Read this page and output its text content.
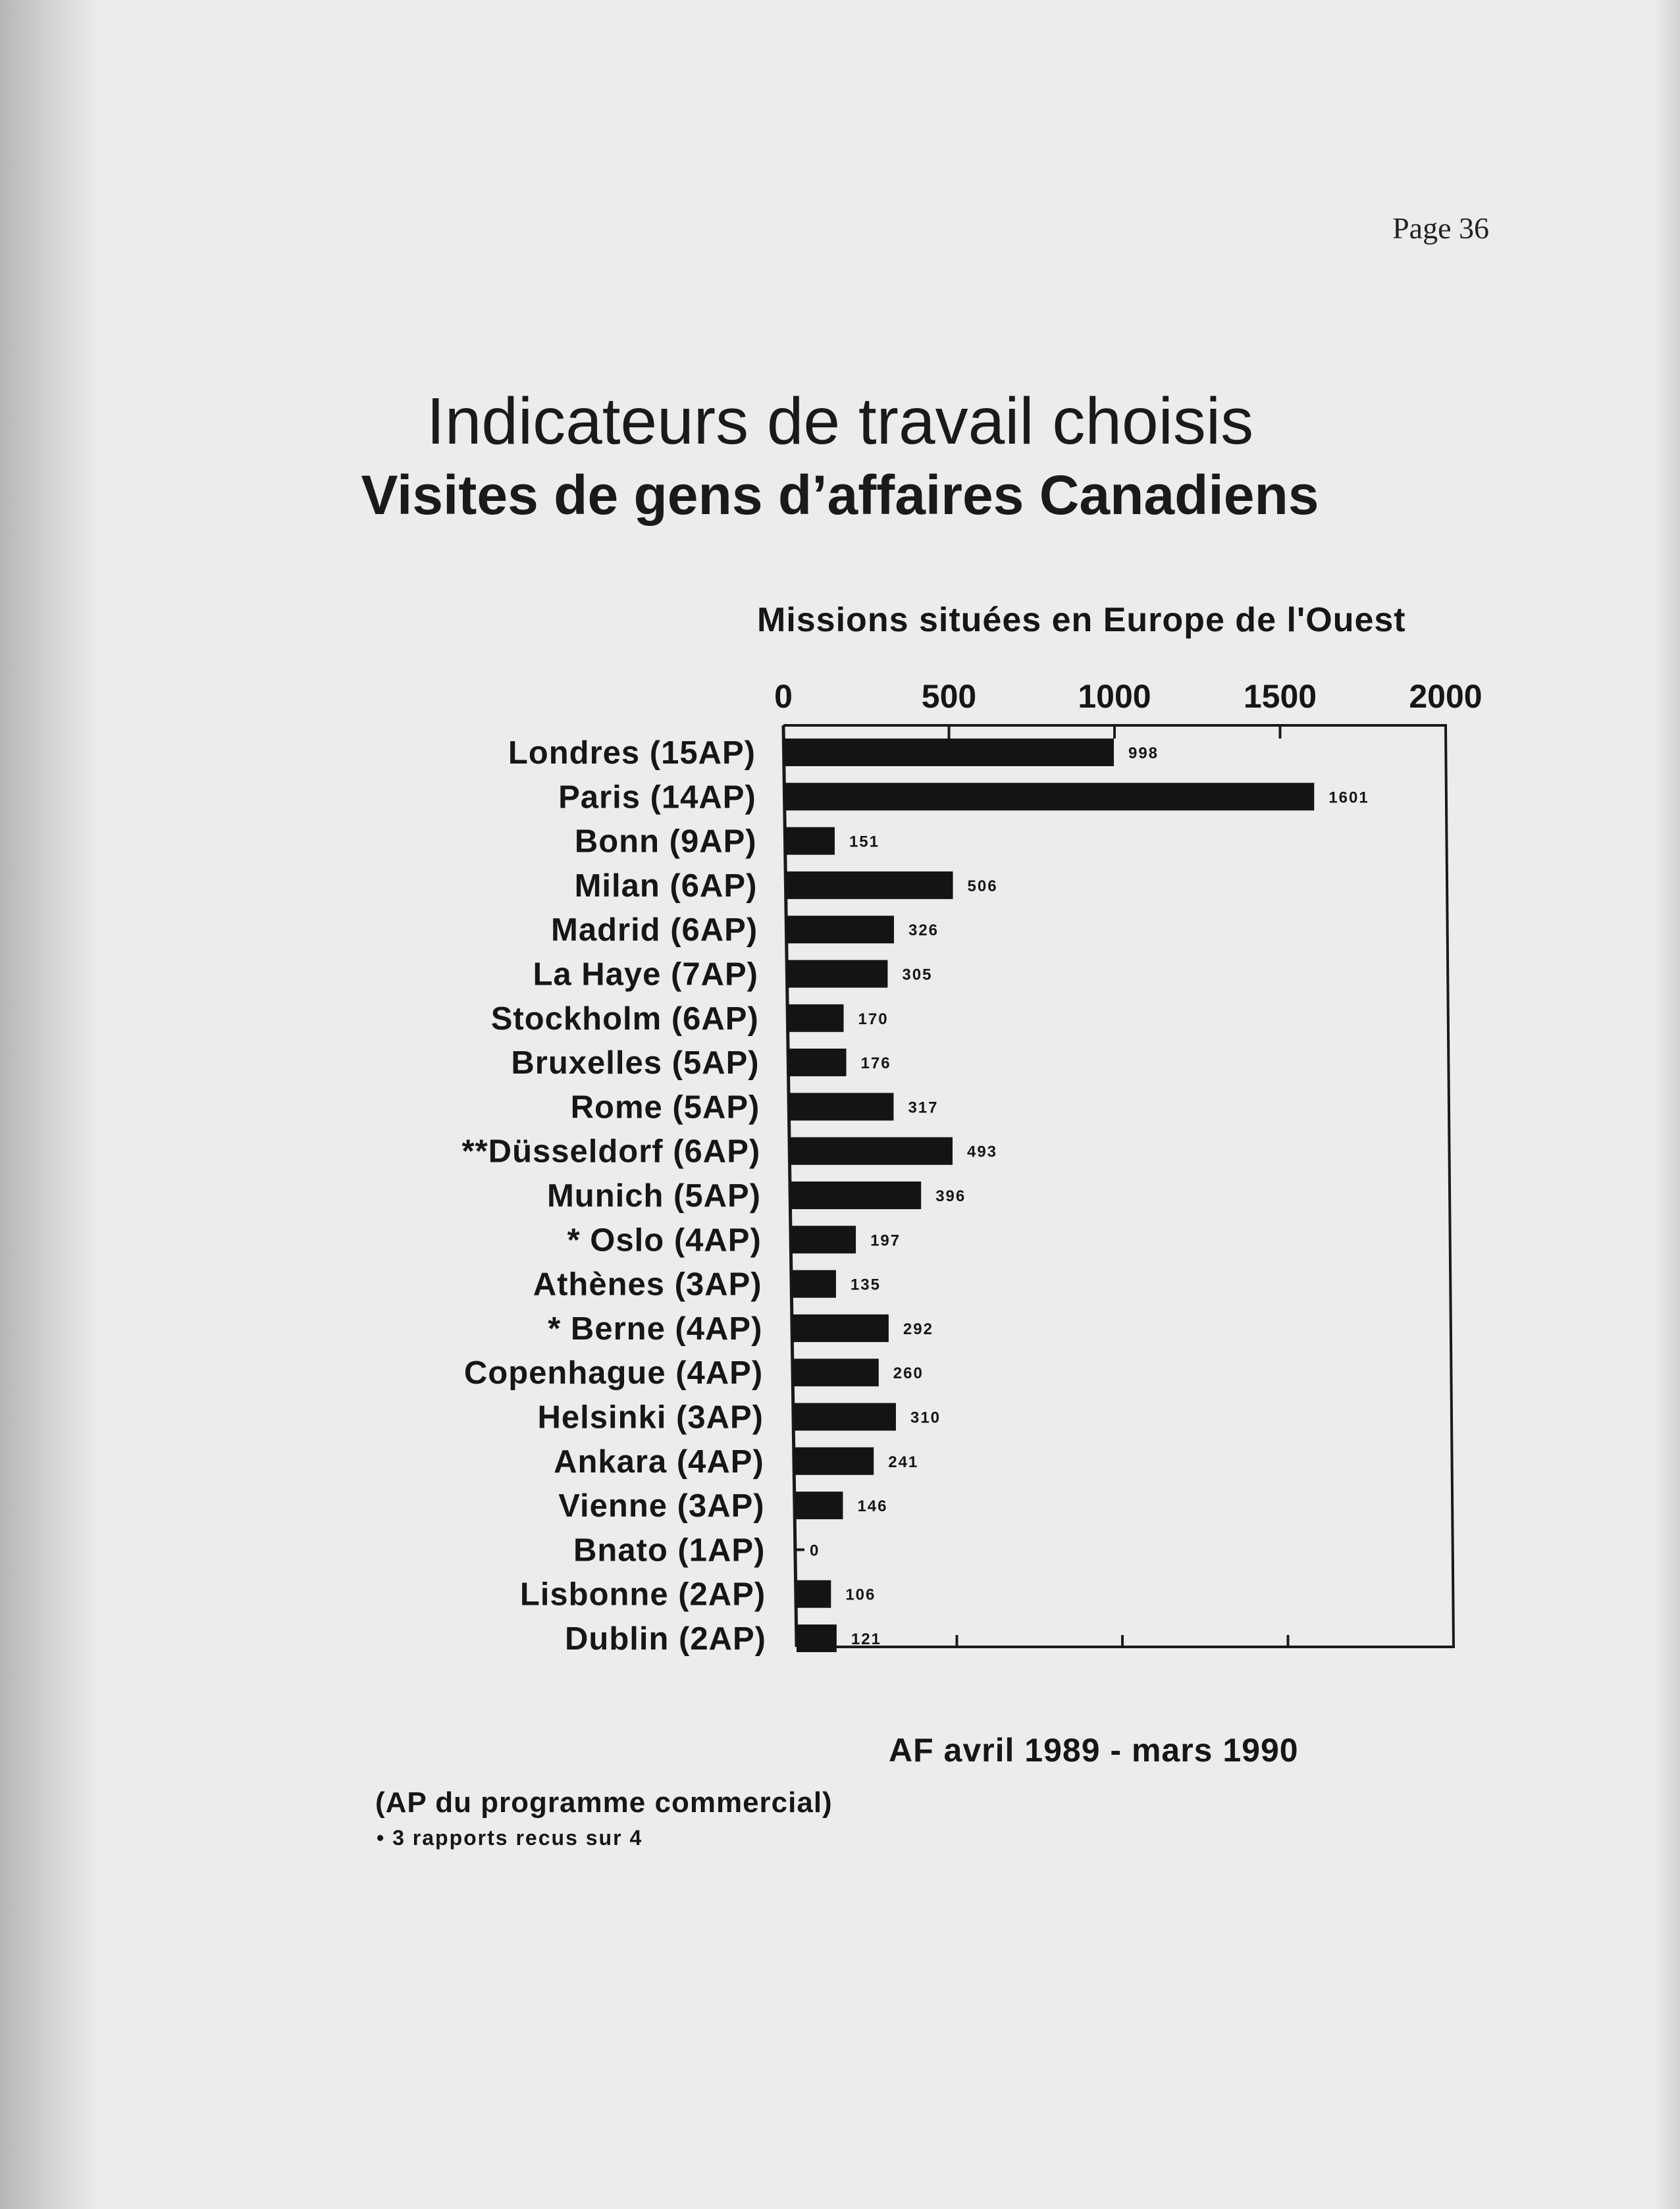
Page 36
Indicateurs de travail choisis
Visites de gens d’affaires Canadiens
Missions situées en Europe de l'Ouest
0	500	1000	1500	2000
Londres (15AP)	998
Paris (14AP)	1601
Bonn (9AP)	151
Milan (6AP)	506
Madrid (6AP)	326
La Haye (7AP)	305
Stockholm (6AP)	170
Bruxelles (5AP)	176
Rome (5AP)	317
**Düsseldorf (6AP)	493
Munich (5AP)	396
* Oslo (4AP)	197
Athènes (3AP)	135
* Berne (4AP)	292
Copenhague (4AP)	260
Helsinki (3AP)	310
Ankara (4AP)	241
Vienne (3AP)	146
Bnato (1AP)	0
Lisbonne (2AP)	106
Dublin (2AP)	121
AF avril 1989 - mars 1990
(AP du programme commercial)
• 3 rapports recus sur 4
